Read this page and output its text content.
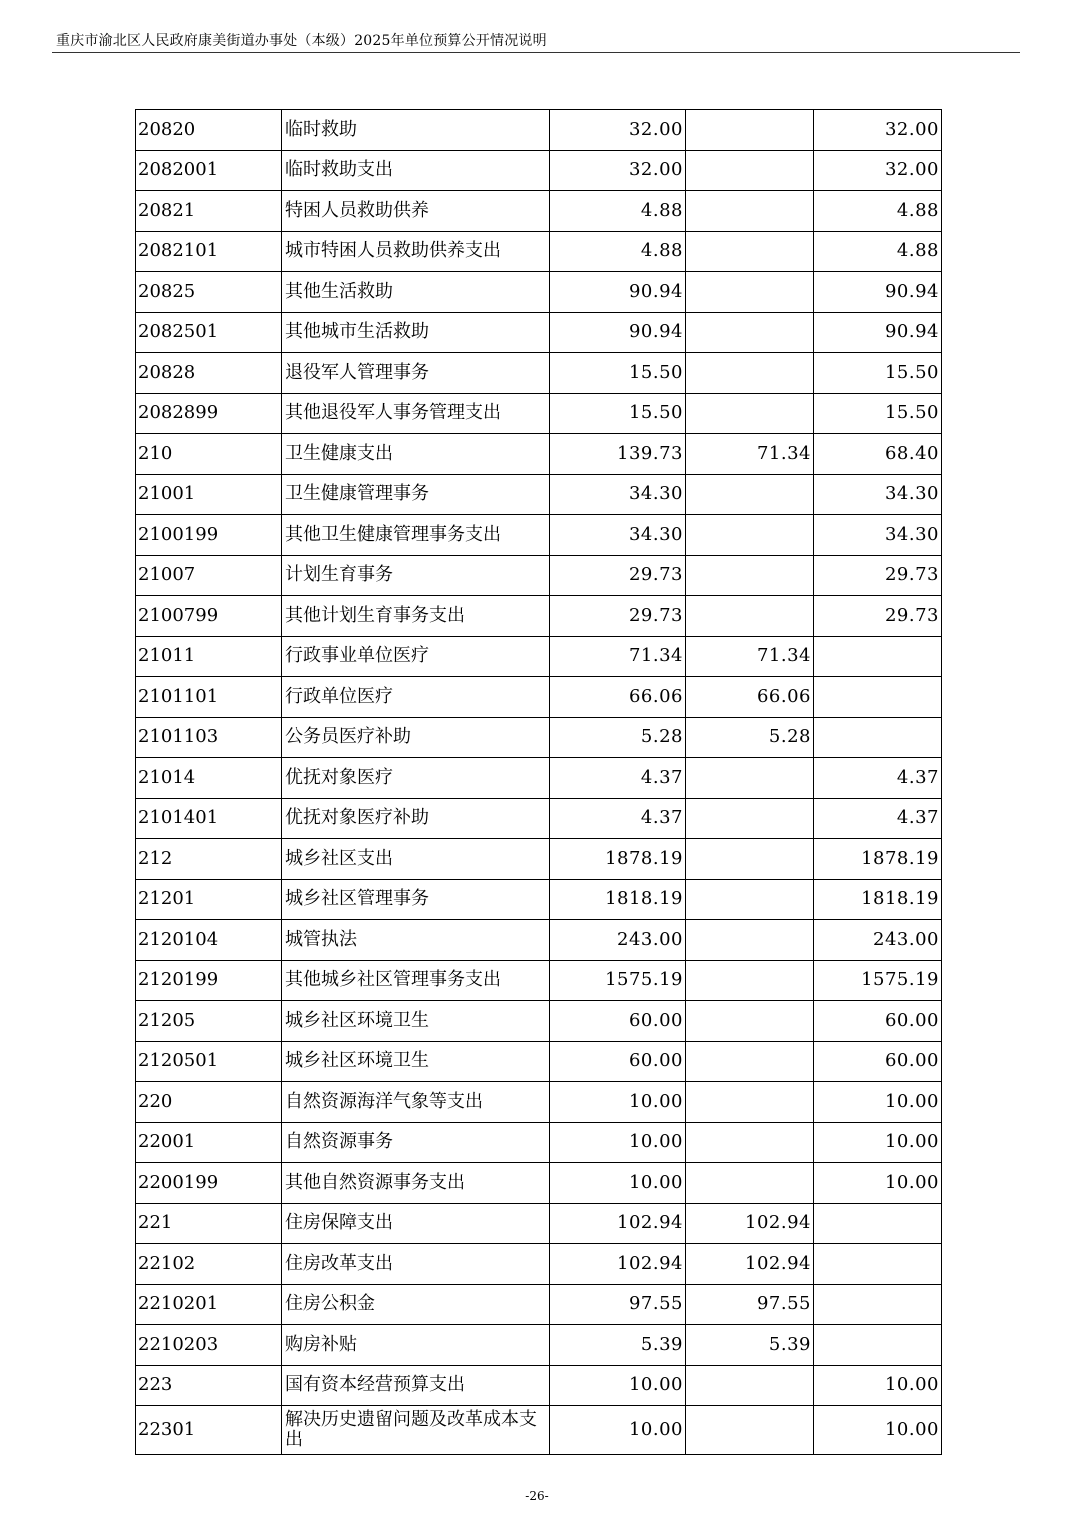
重庆市渝北区人民政府康美街道办事处（本级）2025年单位预算公开情况说明
20820	临时救助	32.00		32.00
2082001	临时救助支出	32.00		32.00
20821	特困人员救助供养	4.88		4.88
2082101	城市特困人员救助供养支出	4.88		4.88
20825	其他生活救助	90.94		90.94
2082501	其他城市生活救助	90.94		90.94
20828	退役军人管理事务	15.50		15.50
2082899	其他退役军人事务管理支出	15.50		15.50
210	卫生健康支出	139.73	71.34	68.40
21001	卫生健康管理事务	34.30		34.30
2100199	其他卫生健康管理事务支出	34.30		34.30
21007	计划生育事务	29.73		29.73
2100799	其他计划生育事务支出	29.73		29.73
21011	行政事业单位医疗	71.34	71.34	
2101101	行政单位医疗	66.06	66.06	
2101103	公务员医疗补助	5.28	5.28	
21014	优抚对象医疗	4.37		4.37
2101401	优抚对象医疗补助	4.37		4.37
212	城乡社区支出	1878.19		1878.19
21201	城乡社区管理事务	1818.19		1818.19
2120104	城管执法	243.00		243.00
2120199	其他城乡社区管理事务支出	1575.19		1575.19
21205	城乡社区环境卫生	60.00		60.00
2120501	城乡社区环境卫生	60.00		60.00
220	自然资源海洋气象等支出	10.00		10.00
22001	自然资源事务	10.00		10.00
2200199	其他自然资源事务支出	10.00		10.00
221	住房保障支出	102.94	102.94	
22102	住房改革支出	102.94	102.94	
2210201	住房公积金	97.55	97.55	
2210203	购房补贴	5.39	5.39	
223	国有资本经营预算支出	10.00		10.00
22301	解决历史遗留问题及改革成本支出	10.00		10.00
-26-
